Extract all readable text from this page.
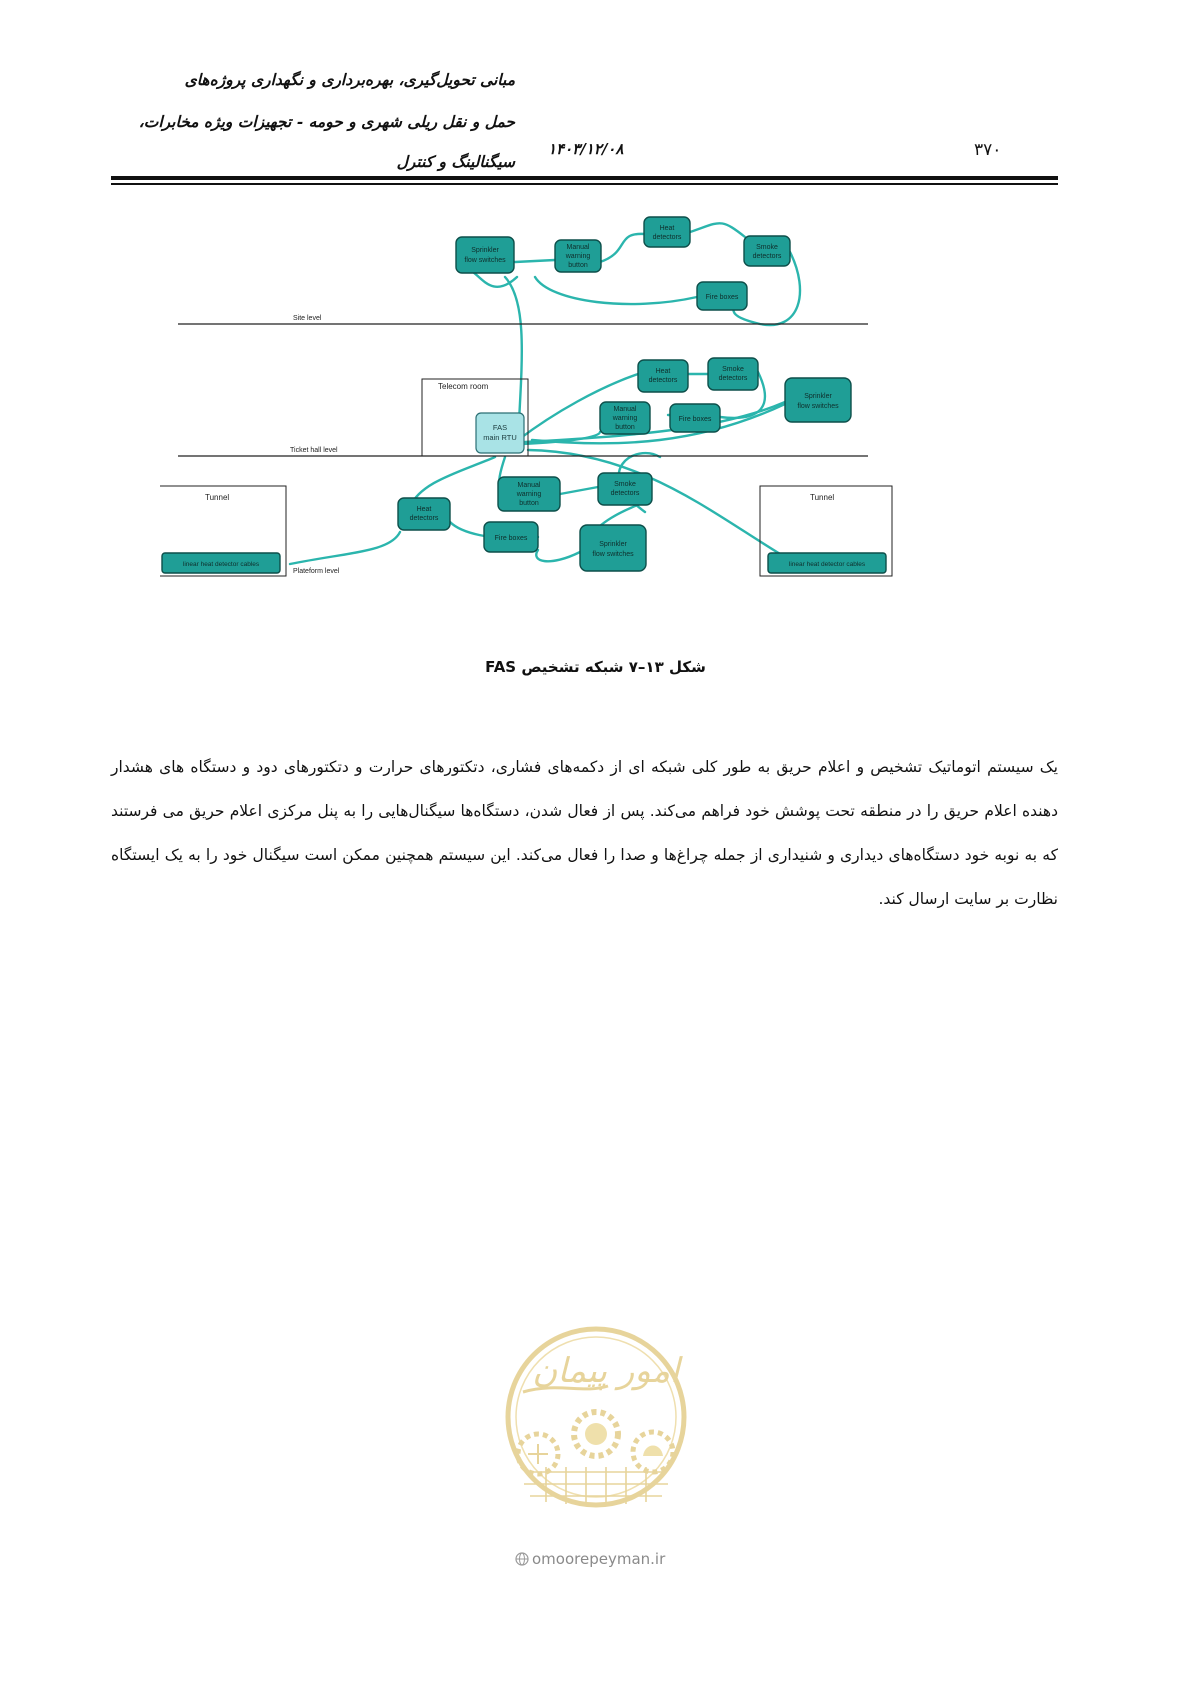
مبانی تحویل‌گیری، بهره‌برداری و نگهداری پروژه‌های
حمل و نقل ریلی شهری و حومه - تجهیزات ویژه مخابرات،
سیگنالینگ و کنترل
۱۴۰۳/۱۲/۰۸	۳۷۰
Site level
Ticket hall level
Plateform level
Telecom room
Tunnel	Tunnel
FAS
main RTU
Sprinkler
flow switches
Manual
warning
button
Heat
detectors
Smoke
detectors
Fire boxes
Heat
detectors
Smoke
detectors
Sprinkler
flow switches
Manual
warning
button
Fire boxes
Heat
detectors
Manual
warning
button
Smoke
detectors
Fire boxes
Sprinkler
flow switches
linear heat detector cables	linear heat detector cables
شکل ۱۳–۷ شبکه تشخیص FAS
یک سیستم اتوماتیک تشخیص و اعلام حریق به طور کلی شبکه ای از دکمه‌های فشاری، دتکتورهای حرارت و دتکتورهای دود و دستگاه های هشدار دهنده اعلام حریق را در منطقه تحت پوشش خود فراهم می‌کند. پس از فعال شدن، دستگاه‌ها سیگنال‌هایی را به پنل مرکزی اعلام حریق می فرستند که به نوبه خود دستگاه‌های دیداری و شنیداری از جمله چراغ‌ها و صدا را فعال می‌کند. این سیستم همچنین ممکن است سیگنال خود را به یک ایستگاه نظارت بر سایت ارسال کند.
امور پیمان
omoorepeyman.ir
